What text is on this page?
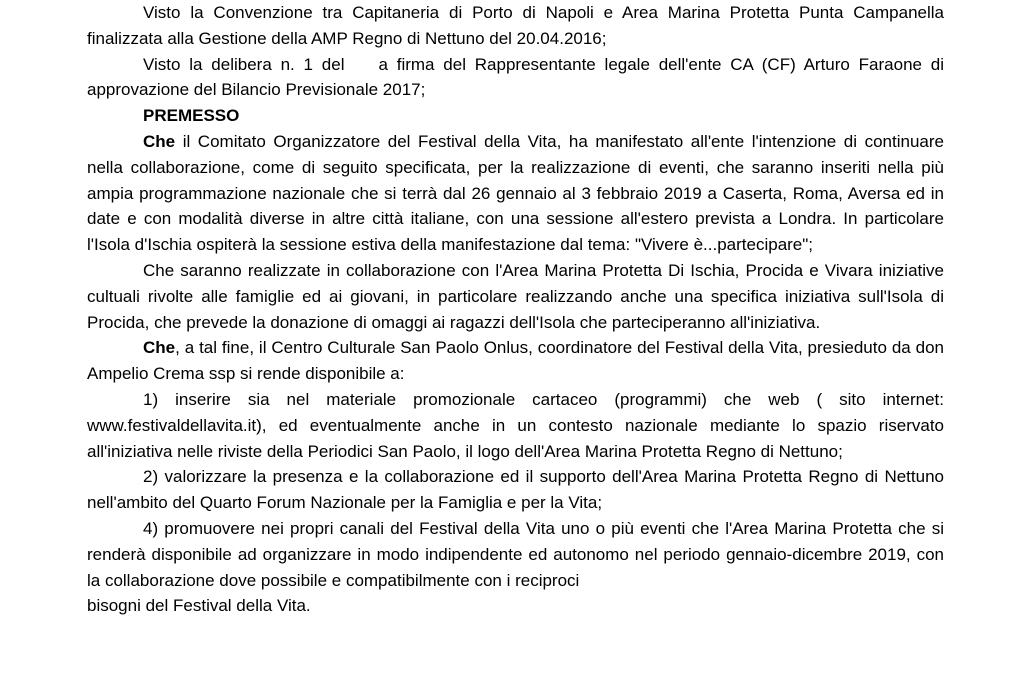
Visto la Convenzione tra Capitaneria di Porto di Napoli e Area Marina Protetta Punta Campanella finalizzata alla Gestione della AMP Regno di Nettuno del 20.04.2016;

Visto la delibera n. 1 del a firma del Rappresentante legale dell'ente CA (CF) Arturo Faraone di approvazione del Bilancio Previsionale 2017;

PREMESSO

Che il Comitato Organizzatore del Festival della Vita, ha manifestato all'ente l'intenzione di continuare nella collaborazione, come di seguito specificata, per la realizzazione di eventi, che saranno inseriti nella più ampia programmazione nazionale che si terrà dal 26 gennaio al 3 febbraio 2019 a Caserta, Roma, Aversa ed in date e con modalità diverse in altre città italiane, con una sessione all'estero prevista a Londra. In particolare l'Isola d'Ischia ospiterà la sessione estiva della manifestazione dal tema: "Vivere è...partecipare";

Che saranno realizzate in collaborazione con l'Area Marina Protetta Di Ischia, Procida e Vivara iniziative cultuali rivolte alle famiglie ed ai giovani, in particolare realizzando anche una specifica iniziativa sull'Isola di Procida, che prevede la donazione di omaggi ai ragazzi dell'Isola che parteciperanno all'iniziativa.

Che, a tal fine, il Centro Culturale San Paolo Onlus, coordinatore del Festival della Vita, presieduto da don Ampelio Crema ssp si rende disponibile a:

1) inserire sia nel materiale promozionale cartaceo (programmi) che web ( sito internet: www.festivaldellavita.it), ed eventualmente anche in un contesto nazionale mediante lo spazio riservato all'iniziativa nelle riviste della Periodici San Paolo, il logo dell'Area Marina Protetta Regno di Nettuno;

2) valorizzare la presenza e la collaborazione ed il supporto dell'Area Marina Protetta Regno di Nettuno nell'ambito del Quarto Forum Nazionale per la Famiglia e per la Vita;

4) promuovere nei propri canali del Festival della Vita uno o più eventi che l'Area Marina Protetta che si renderà disponibile ad organizzare in modo indipendente ed autonomo nel periodo gennaio-dicembre 2019, con la collaborazione dove possibile e compatibilmente con i reciproci

bisogni del Festival della Vita.
